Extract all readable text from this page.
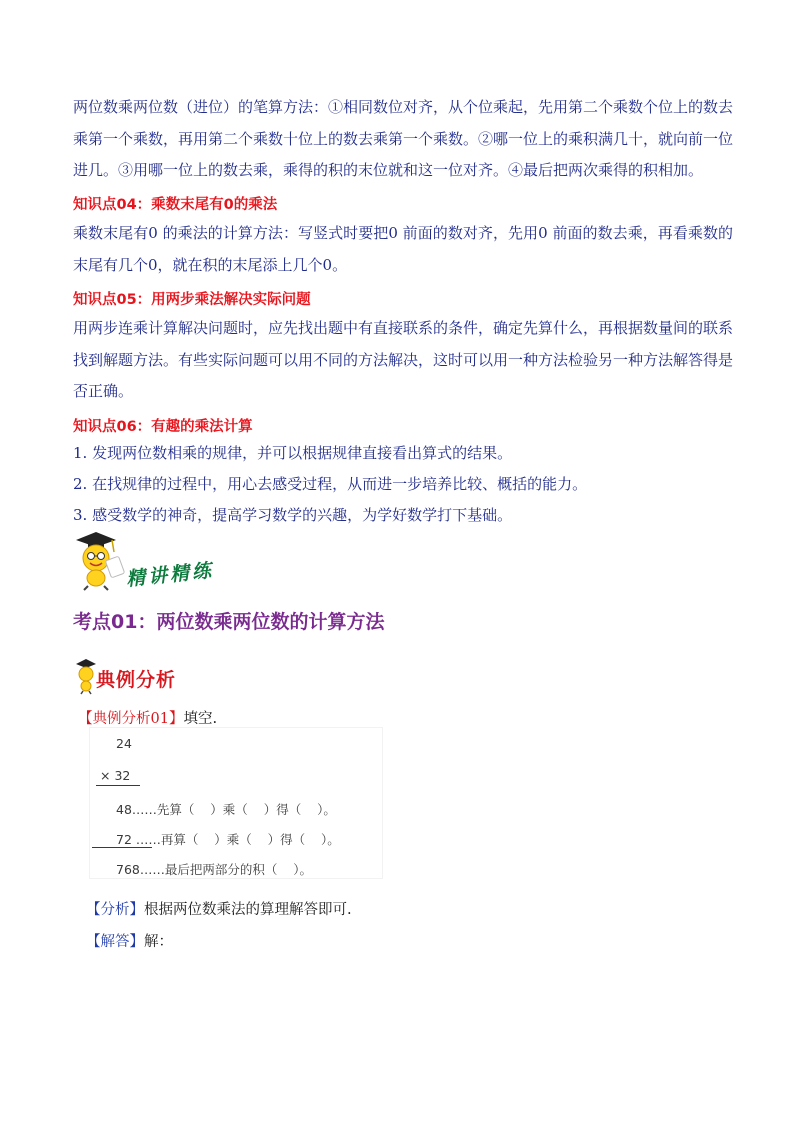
两位数乘两位数（进位）的笔算方法：①相同数位对齐，从个位乘起，先用第二个乘数个位上的数去乘第一个乘数，再用第二个乘数十位上的数去乘第一个乘数。②哪一位上的乘积满几十，就向前一位进几。③用哪一位上的数去乘，乘得的积的末位就和这一位对齐。④最后把两次乘得的积相加。

知识点04：乘数末尾有0的乘法

乘数末尾有0 的乘法的计算方法：写竖式时要把0 前面的数对齐，先用0 前面的数去乘，再看乘数的末尾有几个0，就在积的末尾添上几个0。

知识点05：用两步乘法解决实际问题

用两步连乘计算解决问题时，应先找出题中有直接联系的条件，确定先算什么，再根据数量间的联系找到解题方法。有些实际问题可以用不同的方法解决，这时可以用一种方法检验另一种方法解答得是否正确。

知识点06：有趣的乘法计算

1. 发现两位数相乘的规律，并可以根据规律直接看出算式的结果。

2. 在找规律的过程中，用心去感受过程，从而进一步培养比较、概括的能力。

3. 感受数学的神奇，提高学习数学的兴趣，为学好数学打下基础。

精讲精练
考点01：两位数乘两位数的计算方法
典例分析

【典例分析01】填空.

24
× 32
48……先算（    ）乘（    ）得（    ）。
72 ……再算（    ）乘（    ）得（    ）。
768……最后把两部分的积（    ）。

【分析】根据两位数乘法的算理解答即可.

【解答】解：
